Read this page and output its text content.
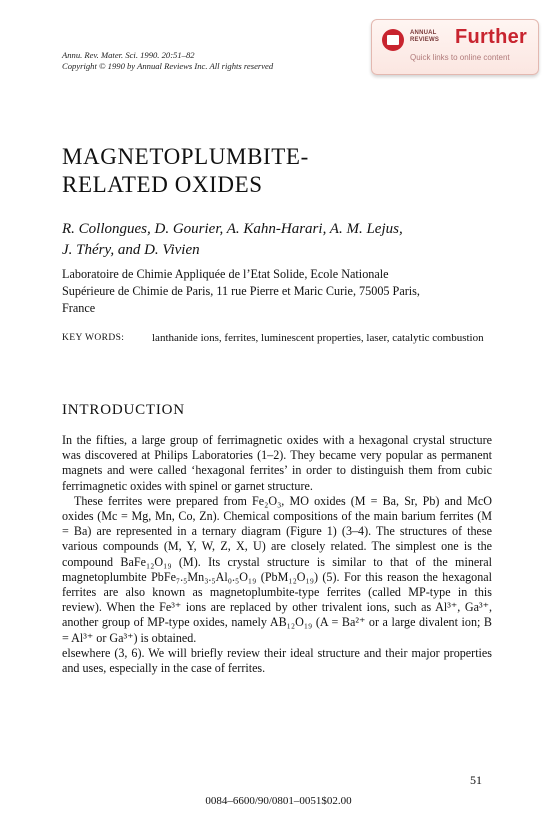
Annu. Rev. Mater. Sci. 1990. 20:51–82
Copyright © 1990 by Annual Reviews Inc. All rights reserved
ANNUAL
REVIEWS Further
Quick links to online content
MAGNETOPLUMBITE-
RELATED OXIDES
R. Collongues, D. Gourier, A. Kahn-Harari, A. M. Lejus,
J. Théry, and D. Vivien
Laboratoire de Chimie Appliquée de l’Etat Solide, Ecole Nationale
Supérieure de Chimie de Paris, 11 rue Pierre et Maric Curie, 75005 Paris,
France
KEY WORDS:	lanthanide ions, ferrites, luminescent properties, laser, catalytic combustion
INTRODUCTION

In the fifties, a large group of ferrimagnetic oxides with a hexagonal crystal structure was discovered at Philips Laboratories (1–2). They became very popular as permanent magnets and were called ‘hexagonal ferrites’ in order to distinguish them from cubic ferrimagnetic oxides with spinel or garnet structure.

These ferrites were prepared from Fe₂O₃, MO oxides (M = Ba, Sr, Pb) and McO oxides (Mc = Mg, Mn, Co, Zn). Chemical compositions of the main barium ferrites (M = Ba) are represented in a ternary diagram (Figure 1) (3–4). The structures of these various compounds (M, Y, W, Z, X, U) are closely related. The simplest one is the compound BaFe₁₂O₁₉ (M). Its crystal structure is similar to that of the mineral magnetoplumbite PbFe₇.₅Mn₃.₅Al₀.₅O₁₉ (PbM₁₂O₁₉) (5). For this reason the hexagonal ferrites are also known as magnetoplumbite-type ferrites (called MP-type in this review). When the Fe³⁺ ions are replaced by other trivalent ions, such as Al³⁺, Ga³⁺, another group of MP-type oxides, namely AB₁₂O₁₉ (A = Ba²⁺ or a large divalent ion; B = Al³⁺ or Ga³⁺) is obtained.

elsewhere (3, 6). We will briefly review their ideal structure and their major properties and uses, especially in the case of ferrites.

51
0084–6600/90/0801–0051$02.00
